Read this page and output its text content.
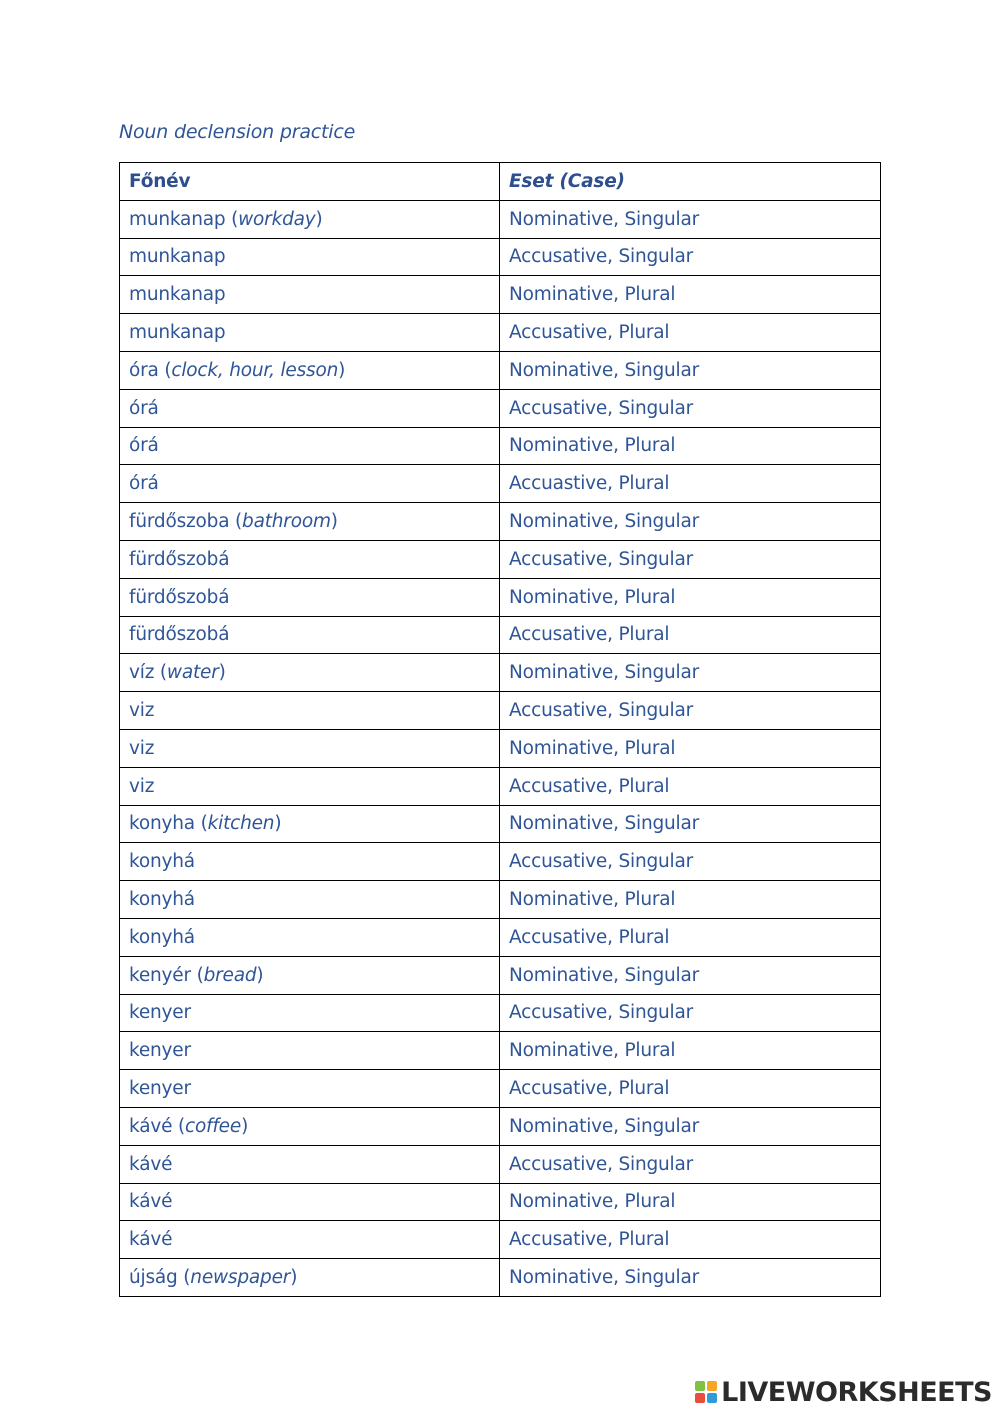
Noun declension practice
Főnév	Eset (Case)
munkanap (workday)	Nominative, Singular
munkanap	Accusative, Singular
munkanap	Nominative, Plural
munkanap	Accusative, Plural
óra (clock, hour, lesson)	Nominative, Singular
órá	Accusative, Singular
órá	Nominative, Plural
órá	Accuastive, Plural
fürdőszoba (bathroom)	Nominative, Singular
fürdőszobá	Accusative, Singular
fürdőszobá	Nominative, Plural
fürdőszobá	Accusative, Plural
víz (water)	Nominative, Singular
viz	Accusative, Singular
viz	Nominative, Plural
viz	Accusative, Plural
konyha (kitchen)	Nominative, Singular
konyhá	Accusative, Singular
konyhá	Nominative, Plural
konyhá	Accusative, Plural
kenyér (bread)	Nominative, Singular
kenyer	Accusative, Singular
kenyer	Nominative, Plural
kenyer	Accusative, Plural
kávé (coffee)	Nominative, Singular
kávé	Accusative, Singular
kávé	Nominative, Plural
kávé	Accusative, Plural
újság (newspaper)	Nominative, Singular
LIVEWORKSHEETS
